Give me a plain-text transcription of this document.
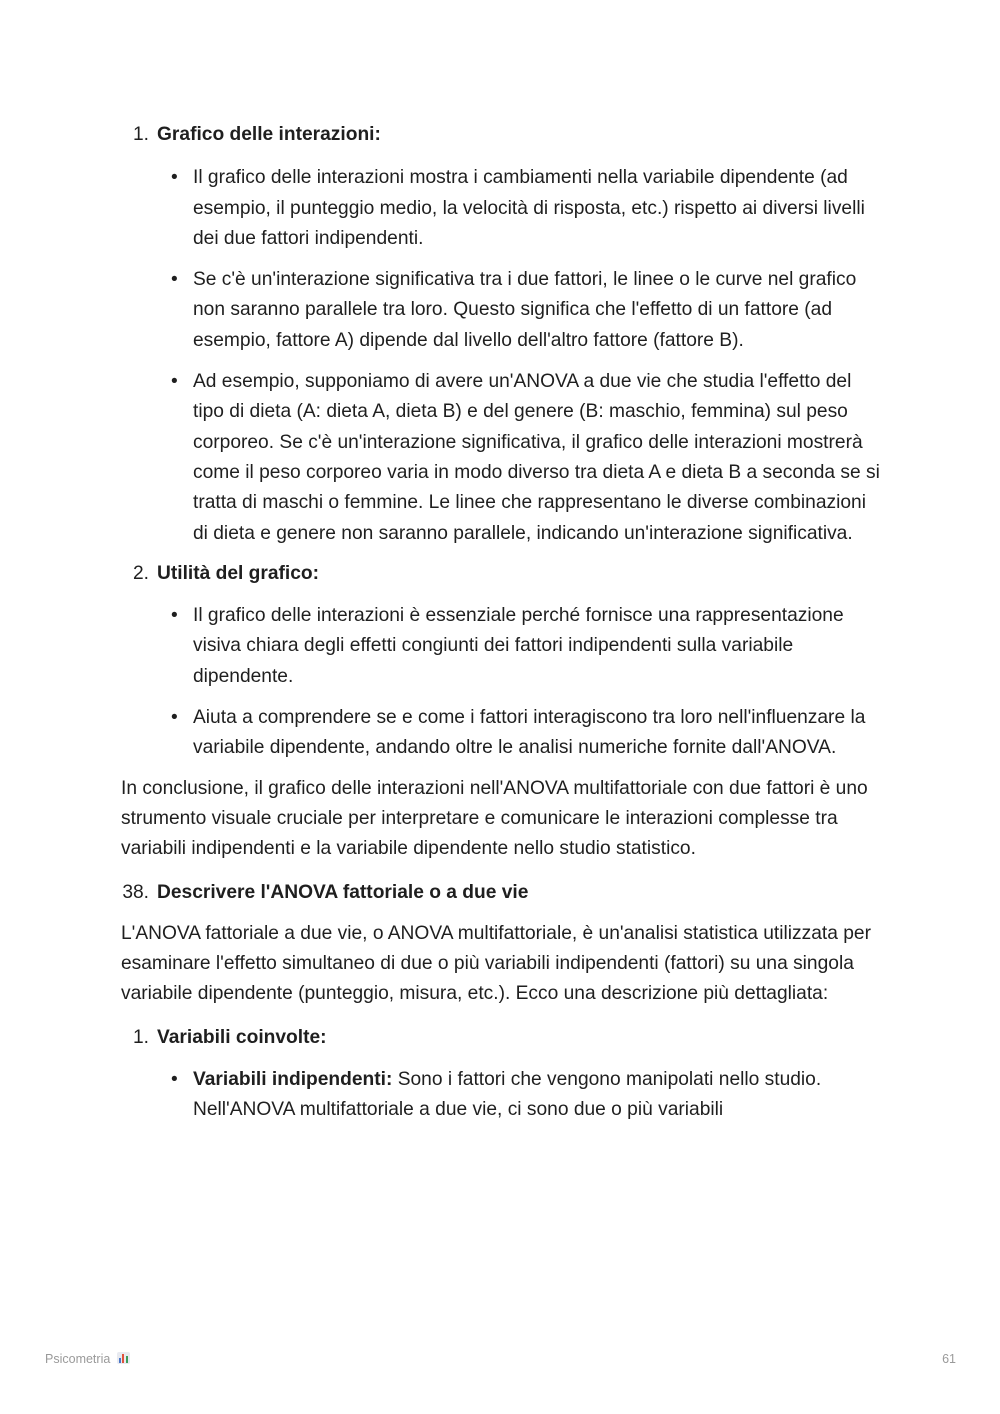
1. Grafico delle interazioni:
• Il grafico delle interazioni mostra i cambiamenti nella variabile dipendente (ad esempio, il punteggio medio, la velocità di risposta, etc.) rispetto ai diversi livelli dei due fattori indipendenti.

• Se c'è un'interazione significativa tra i due fattori, le linee o le curve nel grafico non saranno parallele tra loro. Questo significa che l'effetto di un fattore (ad esempio, fattore A) dipende dal livello dell'altro fattore (fattore B).

• Ad esempio, supponiamo di avere un'ANOVA a due vie che studia l'effetto del tipo di dieta (A: dieta A, dieta B) e del genere (B: maschio, femmina) sul peso corporeo. Se c'è un'interazione significativa, il grafico delle interazioni mostrerà come il peso corporeo varia in modo diverso tra dieta A e dieta B a seconda se si tratta di maschi o femmine. Le linee che rappresentano le diverse combinazioni di dieta e genere non saranno parallele, indicando un'interazione significativa.

2. Utilità del grafico:
• Il grafico delle interazioni è essenziale perché fornisce una rappresentazione visiva chiara degli effetti congiunti dei fattori indipendenti sulla variabile dipendente.

• Aiuta a comprendere se e come i fattori interagiscono tra loro nell'influenzare la variabile dipendente, andando oltre le analisi numeriche fornite dall'ANOVA.

In conclusione, il grafico delle interazioni nell'ANOVA multifattoriale con due fattori è uno strumento visuale cruciale per interpretare e comunicare le interazioni complesse tra variabili indipendenti e la variabile dipendente nello studio statistico.

38. Descrivere l'ANOVA fattoriale o a due vie

L'ANOVA fattoriale a due vie, o ANOVA multifattoriale, è un'analisi statistica utilizzata per esaminare l'effetto simultaneo di due o più variabili indipendenti (fattori) su una singola variabile dipendente (punteggio, misura, etc.). Ecco una descrizione più dettagliata:

1. Variabili coinvolte:
• Variabili indipendenti: Sono i fattori che vengono manipolati nello studio. Nell'ANOVA multifattoriale a due vie, ci sono due o più variabili

Psicometria	61
